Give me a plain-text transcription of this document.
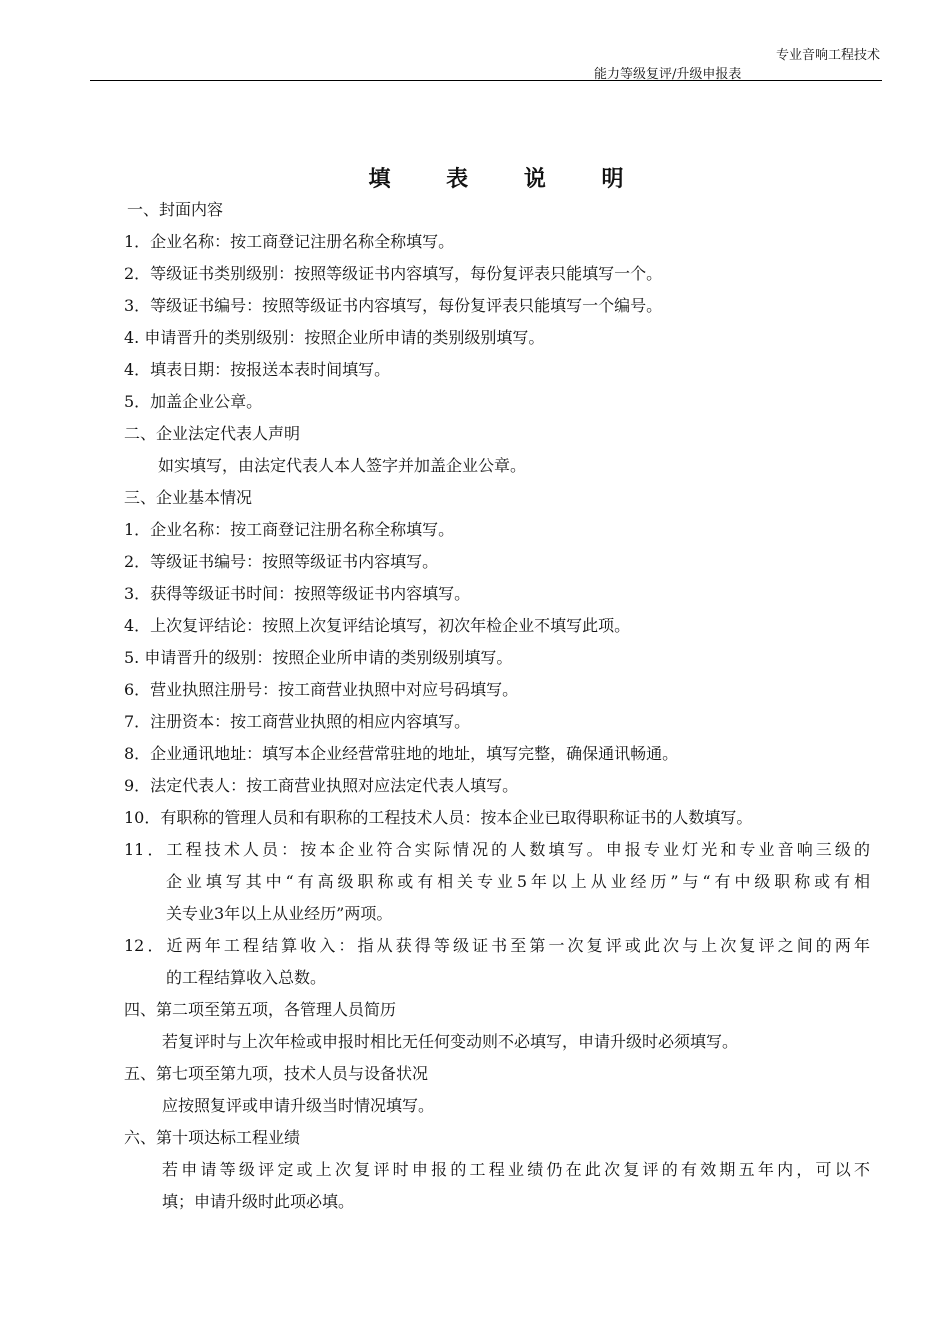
专业音响工程技术
能力等级复评/升级申报表
填 表 说 明
一、封面内容
1．企业名称：按工商登记注册名称全称填写。
2．等级证书类别级别：按照等级证书内容填写，每份复评表只能填写一个。
3．等级证书编号：按照等级证书内容填写，每份复评表只能填写一个编号。
4. 申请晋升的类别级别：按照企业所申请的类别级别填写。
4．填表日期：按报送本表时间填写。
5．加盖企业公章。
二、企业法定代表人声明
如实填写，由法定代表人本人签字并加盖企业公章。
三、企业基本情况
1．企业名称：按工商登记注册名称全称填写。
2．等级证书编号：按照等级证书内容填写。
3．获得等级证书时间：按照等级证书内容填写。
4．上次复评结论：按照上次复评结论填写，初次年检企业不填写此项。
5. 申请晋升的级别：按照企业所申请的类别级别填写。
6．营业执照注册号：按工商营业执照中对应号码填写。
7．注册资本：按工商营业执照的相应内容填写。
8．企业通讯地址：填写本企业经营常驻地的地址，填写完整，确保通讯畅通。
9．法定代表人：按工商营业执照对应法定代表人填写。
10．有职称的管理人员和有职称的工程技术人员：按本企业已取得职称证书的人数填写。
11．工程技术人员：按本企业符合实际情况的人数填写。申报专业灯光和专业音响三级的
企业填写其中“有高级职称或有相关专业5年以上从业经历”与“有中级职称或有相
关专业3年以上从业经历”两项。
12．近两年工程结算收入：指从获得等级证书至第一次复评或此次与上次复评之间的两年
的工程结算收入总数。
四、第二项至第五项，各管理人员简历
若复评时与上次年检或申报时相比无任何变动则不必填写，申请升级时必须填写。
五、第七项至第九项，技术人员与设备状况
应按照复评或申请升级当时情况填写。
六、第十项达标工程业绩
若申请等级评定或上次复评时申报的工程业绩仍在此次复评的有效期五年内，可以不
填；申请升级时此项必填。
